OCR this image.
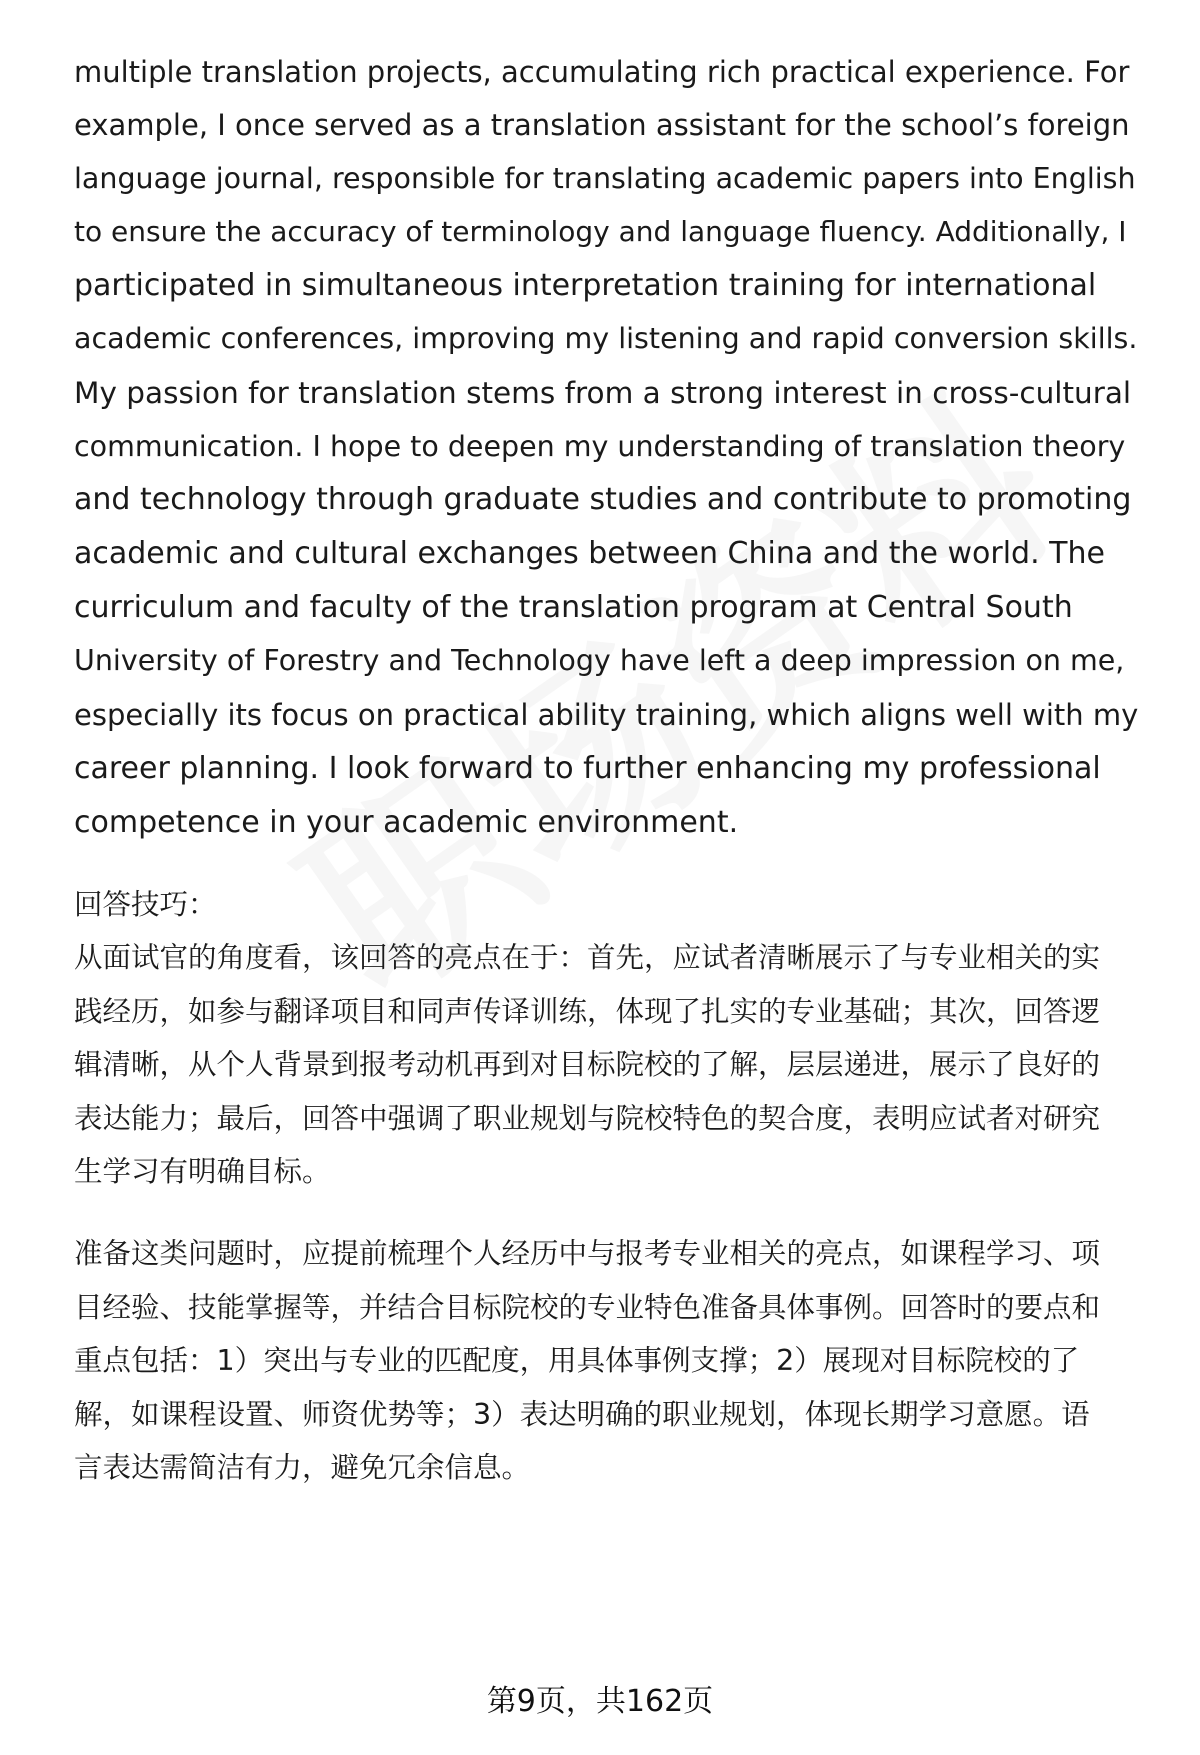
multiple translation projects, accumulating rich practical experience. For
example, I once served as a translation assistant for the school’s foreign
language journal, responsible for translating academic papers into English
to ensure the accuracy of terminology and language fluency. Additionally, I
participated in simultaneous interpretation training for international
academic conferences, improving my listening and rapid conversion skills.
My passion for translation stems from a strong interest in cross-cultural
communication. I hope to deepen my understanding of translation theory
and technology through graduate studies and contribute to promoting
academic and cultural exchanges between China and the world. The
curriculum and faculty of the translation program at Central South
University of Forestry and Technology have left a deep impression on me,
especially its focus on practical ability training, which aligns well with my
career planning. I look forward to further enhancing my professional
competence in your academic environment.
回答技巧：
从面试官的角度看，该回答的亮点在于：首先，应试者清晰展示了与专业相关的实
践经历，如参与翻译项目和同声传译训练，体现了扎实的专业基础；其次，回答逻
辑清晰，从个人背景到报考动机再到对目标院校的了解，层层递进，展示了良好的
表达能力；最后，回答中强调了职业规划与院校特色的契合度，表明应试者对研究
生学习有明确目标。
准备这类问题时，应提前梳理个人经历中与报考专业相关的亮点，如课程学习、项
目经验、技能掌握等，并结合目标院校的专业特色准备具体事例。回答时的要点和
重点包括：1）突出与专业的匹配度，用具体事例支撑；2）展现对目标院校的了
解，如课程设置、师资优势等；3）表达明确的职业规划，体现长期学习意愿。语
言表达需简洁有力，避免冗余信息。
第9页，共162页
